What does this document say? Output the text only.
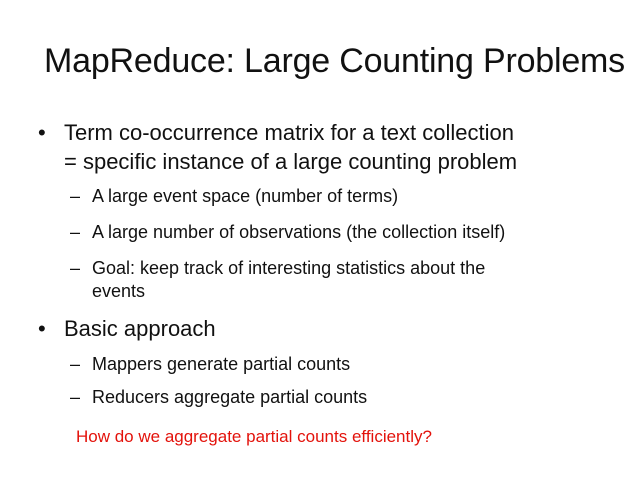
MapReduce: Large Counting Problems
• Term co-occurrence matrix for a text collection
= specific instance of a large counting problem
– A large event space (number of terms)
– A large number of observations (the collection itself)
– Goal: keep track of interesting statistics about the
events
• Basic approach
– Mappers generate partial counts
– Reducers aggregate partial counts
How do we aggregate partial counts efficiently?
